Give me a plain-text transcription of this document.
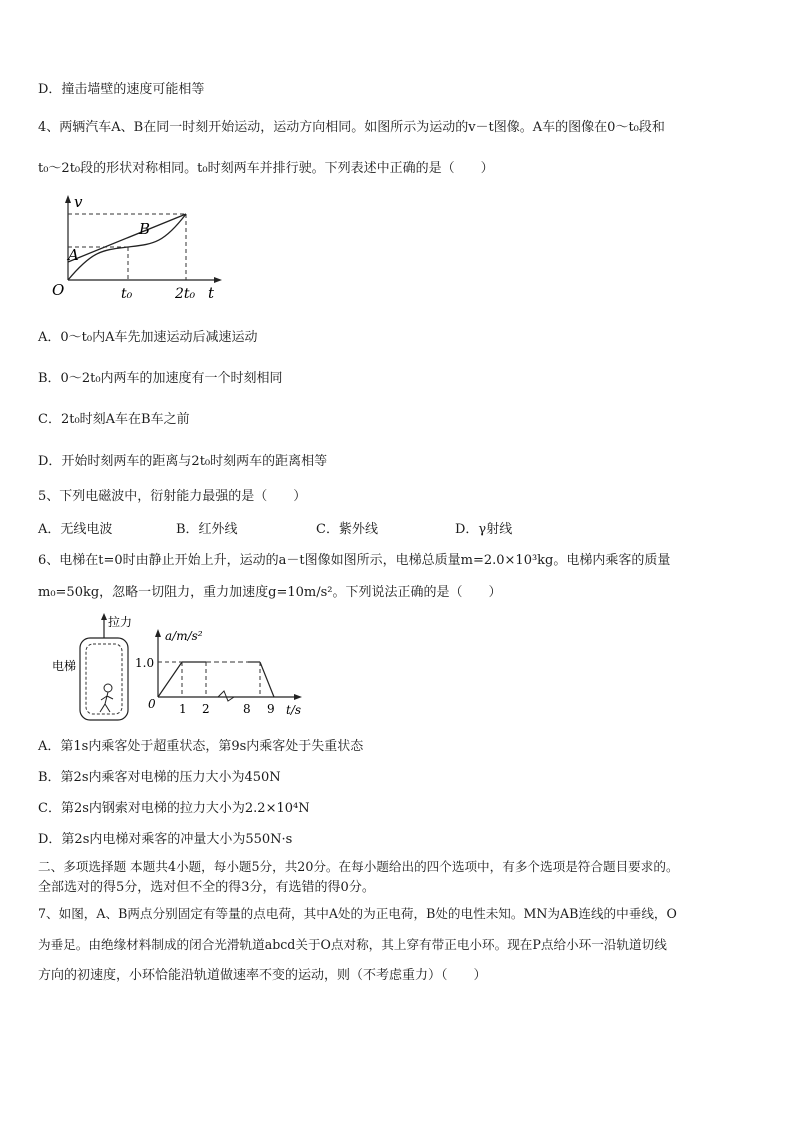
D．撞击墙壁的速度可能相等
4、两辆汽车A、B在同一时刻开始运动，运动方向相同。如图所示为运动的v－t图像。A车的图像在0～t₀段和
t₀～2t₀段的形状对称相同。t₀时刻两车并排行驶。下列表述中正确的是（　　）
v
t
O
A
B
t₀	2t₀
A．0～t₀内A车先加速运动后减速运动
B．0～2t₀内两车的加速度有一个时刻相同
C．2t₀时刻A车在B车之前
D．开始时刻两车的距离与2t₀时刻两车的距离相等
5、下列电磁波中，衍射能力最强的是（　　）
A．无线电波	B．红外线	C．紫外线	D．γ射线
6、电梯在t=0时由静止开始上升，运动的a－t图像如图所示，电梯总质量m=2.0×10³kg。电梯内乘客的质量
m₀=50kg，忽略一切阻力，重力加速度g=10m/s²。下列说法正确的是（　　）
电梯
拉力
a/m/s²
1.0
0 1 2	8 9 t/s
A．第1s内乘客处于超重状态，第9s内乘客处于失重状态
B．第2s内乘客对电梯的压力大小为450N
C．第2s内钢索对电梯的拉力大小为2.2×10⁴N
D．第2s内电梯对乘客的冲量大小为550N·s
二、多项选择题 本题共4小题，每小题5分，共20分。在每小题给出的四个选项中，有多个选项是符合题目要求的。
全部选对的得5分，选对但不全的得3分，有选错的得0分。
7、如图，A、B两点分别固定有等量的点电荷，其中A处的为正电荷，B处的电性未知。MN为AB连线的中垂线，O
为垂足。由绝缘材料制成的闭合光滑轨道abcd关于O点对称，其上穿有带正电小环。现在P点给小环一沿轨道切线
方向的初速度，小环恰能沿轨道做速率不变的运动，则（不考虑重力）（　　）
